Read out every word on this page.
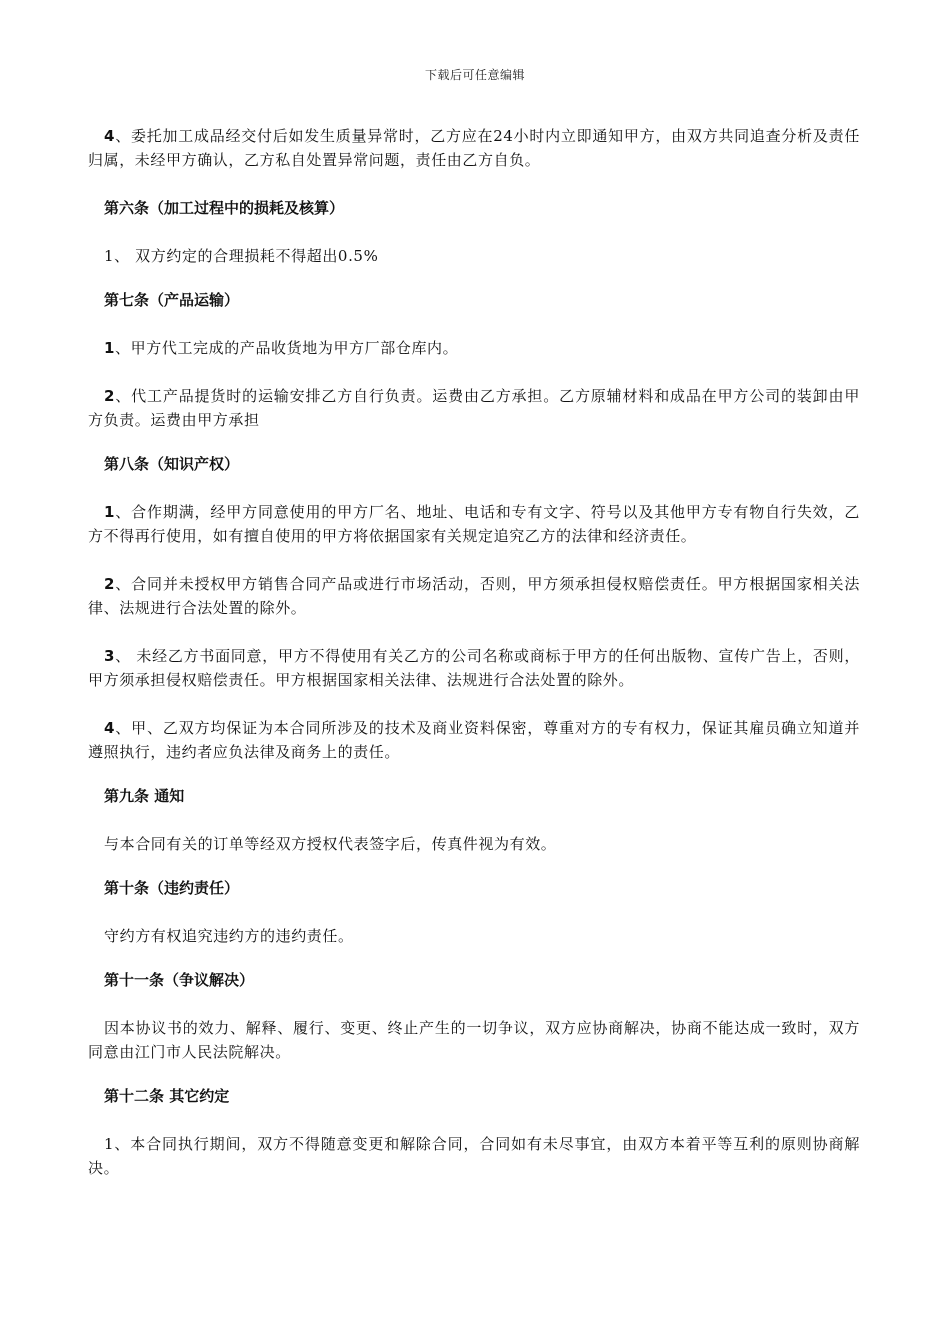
下载后可任意编辑

4、委托加工成品经交付后如发生质量异常时，乙方应在24小时内立即通知甲方，由双方共同追查分析及责任归属，未经甲方确认，乙方私自处置异常问题，责任由乙方自负。

第六条（加工过程中的损耗及核算）

1、 双方约定的合理损耗不得超出0.5%

第七条（产品运输）

1、甲方代工完成的产品收货地为甲方厂部仓库内。

2、代工产品提货时的运输安排乙方自行负责。运费由乙方承担。乙方原辅材料和成品在甲方公司的装卸由甲方负责。运费由甲方承担

第八条（知识产权）

1、合作期满，经甲方同意使用的甲方厂名、地址、电话和专有文字、符号以及其他甲方专有物自行失效，乙方不得再行使用，如有擅自使用的甲方将依据国家有关规定追究乙方的法律和经济责任。

2、合同并未授权甲方销售合同产品或进行市场活动，否则，甲方须承担侵权赔偿责任。甲方根据国家相关法律、法规进行合法处置的除外。

3、 未经乙方书面同意，甲方不得使用有关乙方的公司名称或商标于甲方的任何出版物、宣传广告上，否则，甲方须承担侵权赔偿责任。甲方根据国家相关法律、法规进行合法处置的除外。

4、甲、乙双方均保证为本合同所涉及的技术及商业资料保密，尊重对方的专有权力，保证其雇员确立知道并遵照执行，违约者应负法律及商务上的责任。

第九条 通知

与本合同有关的订单等经双方授权代表签字后，传真件视为有效。

第十条（违约责任）

守约方有权追究违约方的违约责任。

第十一条（争议解决）

因本协议书的效力、解释、履行、变更、终止产生的一切争议，双方应协商解决，协商不能达成一致时，双方同意由江门市人民法院解决。

第十二条 其它约定

1、本合同执行期间，双方不得随意变更和解除合同，合同如有未尽事宜，由双方本着平等互利的原则协商解决。
